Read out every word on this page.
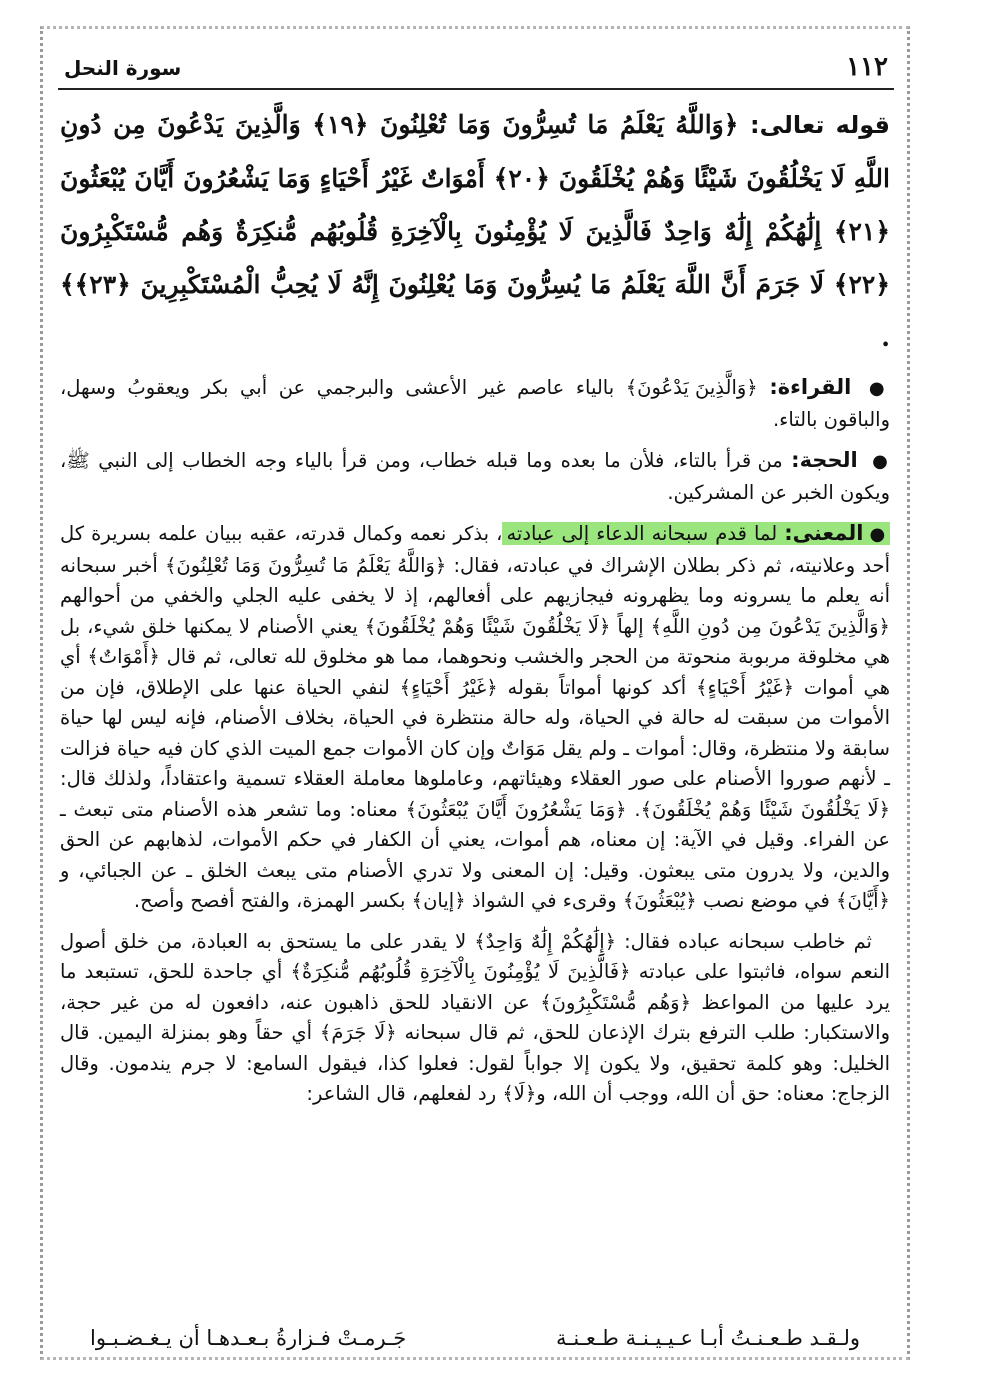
١١٢
سورة النحل

قوله تعالى: ﴿وَاللَّهُ يَعْلَمُ مَا تُسِرُّونَ وَمَا تُعْلِنُونَ ﴿١٩﴾ وَالَّذِينَ يَدْعُونَ مِن دُونِ اللَّهِ لَا يَخْلُقُونَ شَيْئًا وَهُمْ يُخْلَقُونَ ﴿٢٠﴾ أَمْوَاتٌ غَيْرُ أَحْيَاءٍ وَمَا يَشْعُرُونَ أَيَّانَ يُبْعَثُونَ ﴿٢١﴾ إِلَٰهُكُمْ إِلَٰهٌ وَاحِدٌ فَالَّذِينَ لَا يُؤْمِنُونَ بِالْآخِرَةِ قُلُوبُهُم مُّنكِرَةٌ وَهُم مُّسْتَكْبِرُونَ ﴿٢٢﴾ لَا جَرَمَ أَنَّ اللَّهَ يَعْلَمُ مَا يُسِرُّونَ وَمَا يُعْلِنُونَ إِنَّهُ لَا يُحِبُّ الْمُسْتَكْبِرِينَ ﴿٢٣﴾﴾ .

● القراءة: ﴿وَالَّذِينَ يَدْعُونَ﴾ بالياء عاصم غير الأعشى والبرجمي عن أبي بكر ويعقوبُ وسهل، والباقون بالتاء.

● الحجة: من قرأ بالتاء، فلأن ما بعده وما قبله خطاب، ومن قرأ بالياء وجه الخطاب إلى النبي ﷺ، ويكون الخبر عن المشركين.

●المعنى: لما قدم سبحانه الدعاء إلى عبادته، بذكر نعمه وكمال قدرته، عقبه ببيان علمه بسريرة كل أحد وعلانيته، ثم ذكر بطلان الإشراك في عبادته، فقال: ﴿وَاللَّهُ يَعْلَمُ مَا تُسِرُّونَ وَمَا تُعْلِنُونَ﴾ أخبر سبحانه أنه يعلم ما يسرونه وما يظهرونه فيجازيهم على أفعالهم، إذ لا يخفى عليه الجلي والخفي من أحوالهم ﴿وَالَّذِينَ يَدْعُونَ مِن دُونِ اللَّهِ﴾ إلهاً ﴿لَا يَخْلُقُونَ شَيْئًا وَهُمْ يُخْلَقُونَ﴾ يعني الأصنام لا يمكنها خلق شيء، بل هي مخلوقة مربوبة منحوتة من الحجر والخشب ونحوهما، مما هو مخلوق لله تعالى، ثم قال ﴿أَمْوَاتٌ﴾ أي هي أموات ﴿غَيْرُ أَحْيَاءٍ﴾ أكد كونها أمواتاً بقوله ﴿غَيْرُ أَحْيَاءٍ﴾ لنفي الحياة عنها على الإطلاق، فإن من الأموات من سبقت له حالة في الحياة، وله حالة منتظرة في الحياة، بخلاف الأصنام، فإنه ليس لها حياة سابقة ولا منتظرة، وقال: أموات ـ ولم يقل مَوَاتٌ وإن كان الأموات جمع الميت الذي كان فيه حياة فزالت ـ لأنهم صوروا الأصنام على صور العقلاء وهيئاتهم، وعاملوها معاملة العقلاء تسمية واعتقاداً، ولذلك قال: ﴿لَا يَخْلُقُونَ شَيْئًا وَهُمْ يُخْلَقُونَ﴾. ﴿وَمَا يَشْعُرُونَ أَيَّانَ يُبْعَثُونَ﴾ معناه: وما تشعر هذه الأصنام متى تبعث ـ عن الفراء. وقيل في الآية: إن معناه، هم أموات، يعني أن الكفار في حكم الأموات، لذهابهم عن الحق والدين، ولا يدرون متى يبعثون. وقيل: إن المعنى ولا تدري الأصنام متى يبعث الخلق ـ عن الجبائي، و ﴿أَيَّانَ﴾ في موضع نصب ﴿يُبْعَثُونَ﴾ وقرىء في الشواذ ﴿إيان﴾ بكسر الهمزة، والفتح أفصح وأصح.

ثم خاطب سبحانه عباده فقال: ﴿إِلَٰهُكُمْ إِلَٰهٌ وَاحِدٌ﴾ لا يقدر على ما يستحق به العبادة، من خلق أصول النعم سواه، فاثبتوا على عبادته ﴿فَالَّذِينَ لَا يُؤْمِنُونَ بِالْآخِرَةِ قُلُوبُهُم مُّنكِرَةٌ﴾ أي جاحدة للحق، تستبعد ما يرد عليها من المواعظ ﴿وَهُم مُّسْتَكْبِرُونَ﴾ عن الانقياد للحق ذاهبون عنه، دافعون له من غير حجة، والاستكبار: طلب الترفع بترك الإذعان للحق، ثم قال سبحانه ﴿لَا جَرَمَ﴾ أي حقاً وهو بمنزلة اليمين. قال الخليل: وهو كلمة تحقيق، ولا يكون إلا جواباً لقول: فعلوا كذا، فيقول السامع: لا جرم يندمون. وقال الزجاج: معناه: حق أن الله، ووجب أن الله، و﴿لَا﴾ رد لفعلهم، قال الشاعر:

ولـقـد طـعـنـتُ أبـا عـيـيـنـة طـعـنـة
جَـرمـتْ فـزارةُ بـعـدهـا أن يـغـضـبـوا
